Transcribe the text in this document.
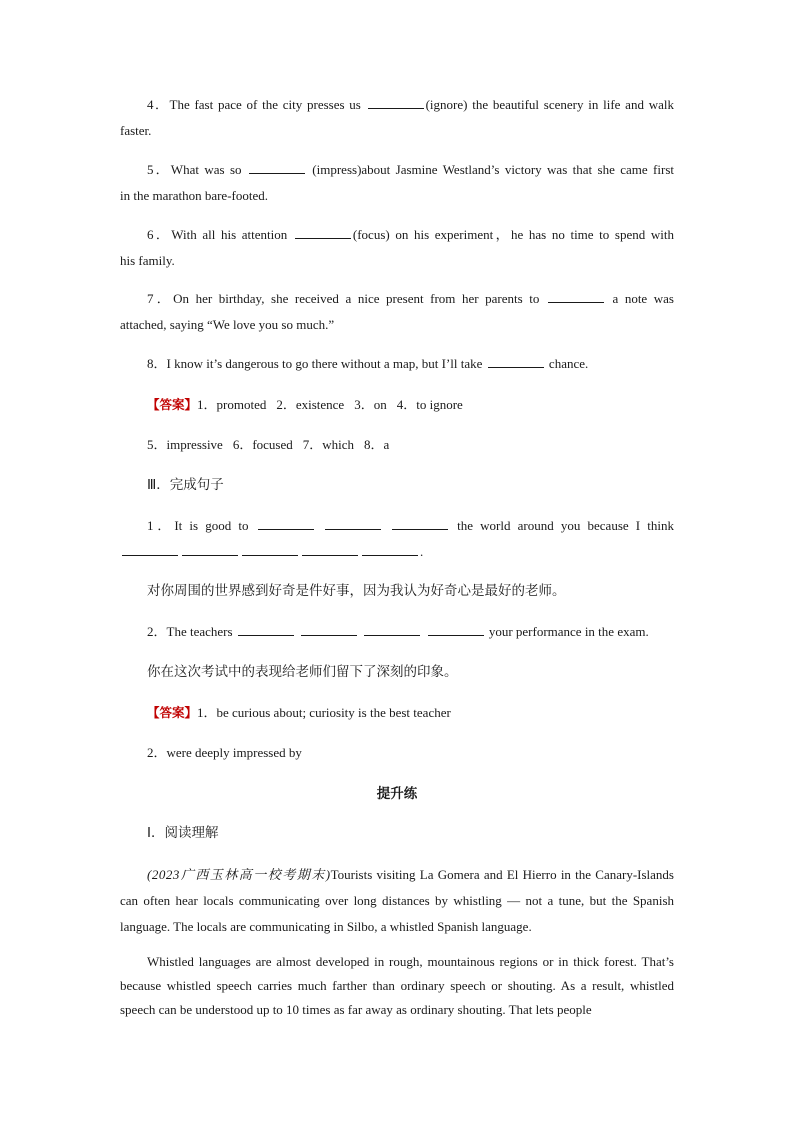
4．The fast pace of the city presses us	(ignore) the beautiful scenery in life and walk
faster.
5．What was so	(impress)about Jasmine Westland’s victory was that she came first
in the marathon bare-footed.
6．With all his attention	(focus) on his experiment，he has no time to spend with
his family.
7．On her birthday, she received a nice present from her parents to	a note was
attached, saying “We love you so much.”
8．I know it’s dangerous to go there without a map, but I’ll take	chance.
【答案】1．promoted 2．existence 3．on 4．to ignore
5．impressive 6．focused 7．which 8．a
Ⅲ．完成句子
1．It is good to	the world around you because I think
.
对你周围的世界感到好奇是件好事，因为我认为好奇心是最好的老师。
2．The teachers	your performance in the exam.
你在这次考试中的表现给老师们留下了深刻的印象。
【答案】1．be curious about; curiosity is the best teacher
2．were deeply impressed by
提升练
Ⅰ．阅读理解
(2023广西玉林高一校考期末)Tourists visiting La Gomera and El Hierro in the Canary-Islands can often hear locals communicating over long distances by whistling — not a tune, but the Spanish language. The locals are communicating in Silbo, a whistled Spanish language.
Whistled languages are almost developed in rough, mountainous regions or in thick forest. That’s because whistled speech carries much farther than ordinary speech or shouting. As a result, whistled speech can be understood up to 10 times as far away as ordinary shouting. That lets people
